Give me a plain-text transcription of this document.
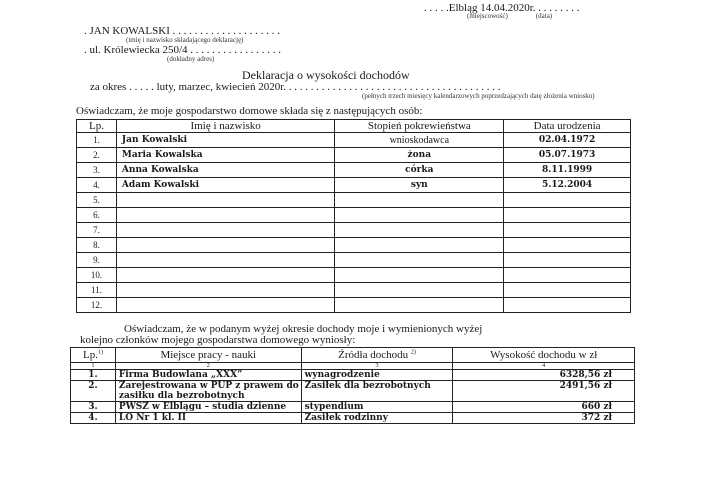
. . . . .Elbląg 14.04.2020r. . . . . . . . .
(miejscowość)                (data)
. JAN KOWALSKI . . . . . . . . . . . . . . . . . . . .
(imię i nazwisko składającego deklarację)
. ul. Królewiecka 250/4 . . . . . . . . . . . . . . . . .
(dokładny adres)
Deklaracja o wysokości dochodów
za okres . . . . . luty, marzec, kwiecień 2020r. . . . . . . . . . . . . . . . . . . . . . . . . . . . . . . . . . . . . . . .
(pełnych trzech miesięcy kalendarzowych poprzedzających datę złożenia wniosku)
Oświadczam, że moje gospodarstwo domowe składa się z następujących osób:
Lp.	Imię i nazwisko	Stopień pokrewieństwa	Data urodzenia
1.	Jan Kowalski	wnioskodawca	02.04.1972
2.	Maria Kowalska	żona	05.07.1973
3.	Anna Kowalska	córka	8.11.1999
4.	Adam Kowalski	syn	5.12.2004
5.			
6.			
7.			
8.			
9.			
10.			
11.			
12.			
Oświadczam, że w podanym wyżej okresie dochody moje i wymienionych wyżej
kolejno członków mojego gospodarstwa domowego wyniosły:
Lp.$^{1)}$	Miejsce pracy - nauki	Źródła dochodu $^{2)}$	Wysokość dochodu w zł
1	2	3	4
1.	Firma Budowlana „XXX”	wynagrodzenie	6328,56 zł
2.	Zarejestrowana w PUP z prawem do zasiłku dla bezrobotnych	Zasiłek dla bezrobotnych	2491,56 zł
3.	PWSZ w Elblągu – studia dzienne	stypendium	660 zł
4.	LO Nr 1 kl. II	Zasiłek rodzinny	372 zł
